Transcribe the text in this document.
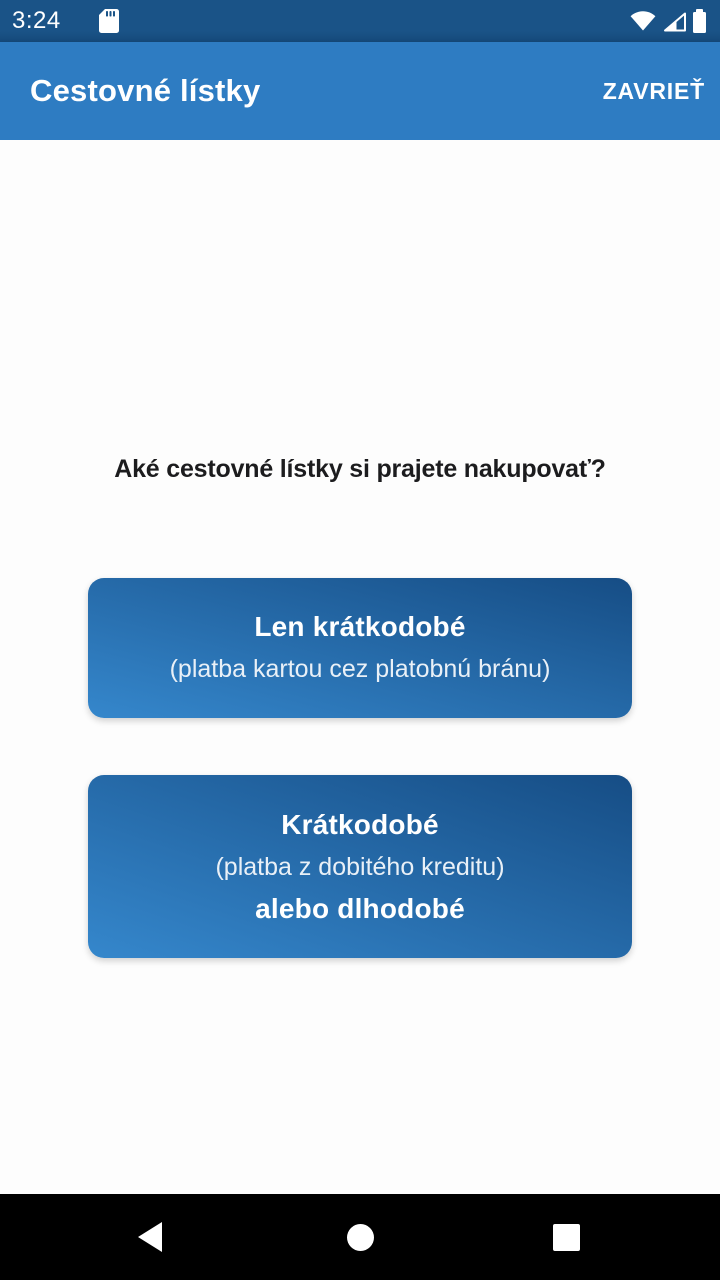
3:24
Cestovné lístky	ZAVRIEŤ

Aké cestovné lístky si prajete nakupovať?

Len krátkodobé
(platba kartou cez platobnú bránu)
Krátkodobé
(platba z dobitého kreditu)
alebo dlhodobé
